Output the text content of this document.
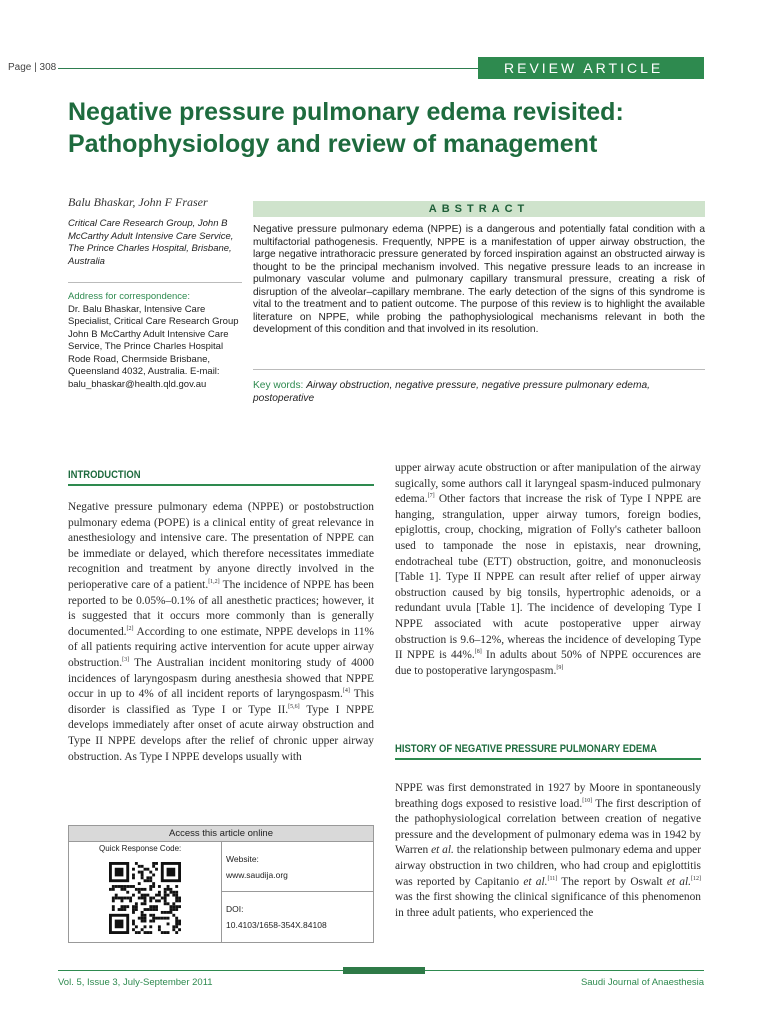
Page | 308	REVIEW ARTICLE
Negative pressure pulmonary edema revisited: Pathophysiology and review of management
Balu Bhaskar, John F Fraser
Critical Care Research Group, John B McCarthy Adult Intensive Care Service, The Prince Charles Hospital, Brisbane, Australia
Address for correspondence:
Dr. Balu Bhaskar, Intensive Care Specialist, Critical Care Research Group John B McCarthy Adult Intensive Care Service, The Prince Charles Hospital Rode Road, Chermside Brisbane, Queensland 4032, Australia. E-mail: balu_bhaskar@health.qld.gov.au
ABSTRACT
Negative pressure pulmonary edema (NPPE) is a dangerous and potentially fatal condition with a multifactorial pathogenesis. Frequently, NPPE is a manifestation of upper airway obstruction, the large negative intrathoracic pressure generated by forced inspiration against an obstructed airway is thought to be the principal mechanism involved. This negative pressure leads to an increase in pulmonary vascular volume and pulmonary capillary transmural pressure, creating a risk of disruption of the alveolar–capillary membrane. The early detection of the signs of this syndrome is vital to the treatment and to patient outcome. The purpose of this review is to highlight the available literature on NPPE, while probing the pathophysiological mechanisms relevant in both the development of this condition and that involved in its resolution.
Key words: Airway obstruction, negative pressure, negative pressure pulmonary edema, postoperative
INTRODUCTION
Negative pressure pulmonary edema (NPPE) or postobstruction pulmonary edema (POPE) is a clinical entity of great relevance in anesthesiology and intensive care. The presentation of NPPE can be immediate or delayed, which therefore necessitates immediate recognition and treatment by anyone directly involved in the perioperative care of a patient.[1,2] The incidence of NPPE has been reported to be 0.05%–0.1% of all anesthetic practices; however, it is suggested that it occurs more commonly than is generally documented.[2] According to one estimate, NPPE develops in 11% of all patients requiring active intervention for acute upper airway obstruction.[3] The Australian incident monitoring study of 4000 incidences of laryngospasm during anesthesia showed that NPPE occur in up to 4% of all incident reports of laryngospasm.[4] This disorder is classified as Type I or Type II.[5,6] Type I NPPE develops immediately after onset of acute airway obstruction and Type II NPPE develops after the relief of chronic upper airway obstruction. As Type I NPPE develops usually with
upper airway acute obstruction or after manipulation of the airway sugically, some authors call it laryngeal spasm-induced pulmonary edema.[7] Other factors that increase the risk of Type I NPPE are hanging, strangulation, upper airway tumors, foreign bodies, epiglottis, croup, chocking, migration of Folly's catheter balloon used to tamponade the nose in epistaxis, near drowning, endotracheal tube (ETT) obstruction, goitre, and mononucleosis [Table 1]. Type II NPPE can result after relief of upper airway obstruction caused by big tonsils, hypertrophic adenoids, or a redundant uvula [Table 1]. The incidence of developing Type I NPPE associated with acute postoperative upper airway obstruction is 9.6–12%, whereas the incidence of developing Type II NPPE is 44%.[8] In adults about 50% of NPPE occurences are due to postoperative laryngospasm.[9]
HISTORY OF NEGATIVE PRESSURE PULMONARY EDEMA
NPPE was first demonstrated in 1927 by Moore in spontaneously breathing dogs exposed to resistive load.[10] The first description of the pathophysiological correlation between creation of negative pressure and the development of pulmonary edema was in 1942 by Warren et al. the relationship between pulmonary edema and upper airway obstruction in two children, who had croup and epiglottitis was reported by Capitanio et al.[11] The report by Oswalt et al.[12] was the first showing the clinical significance of this phenomenon in three adult patients, who experienced the
Access this article online
Quick Response Code:
Website:
www.saudija.org
DOI:
10.4103/1658-354X.84108
Vol. 5, Issue 3, July-September 2011	Saudi Journal of Anaesthesia
